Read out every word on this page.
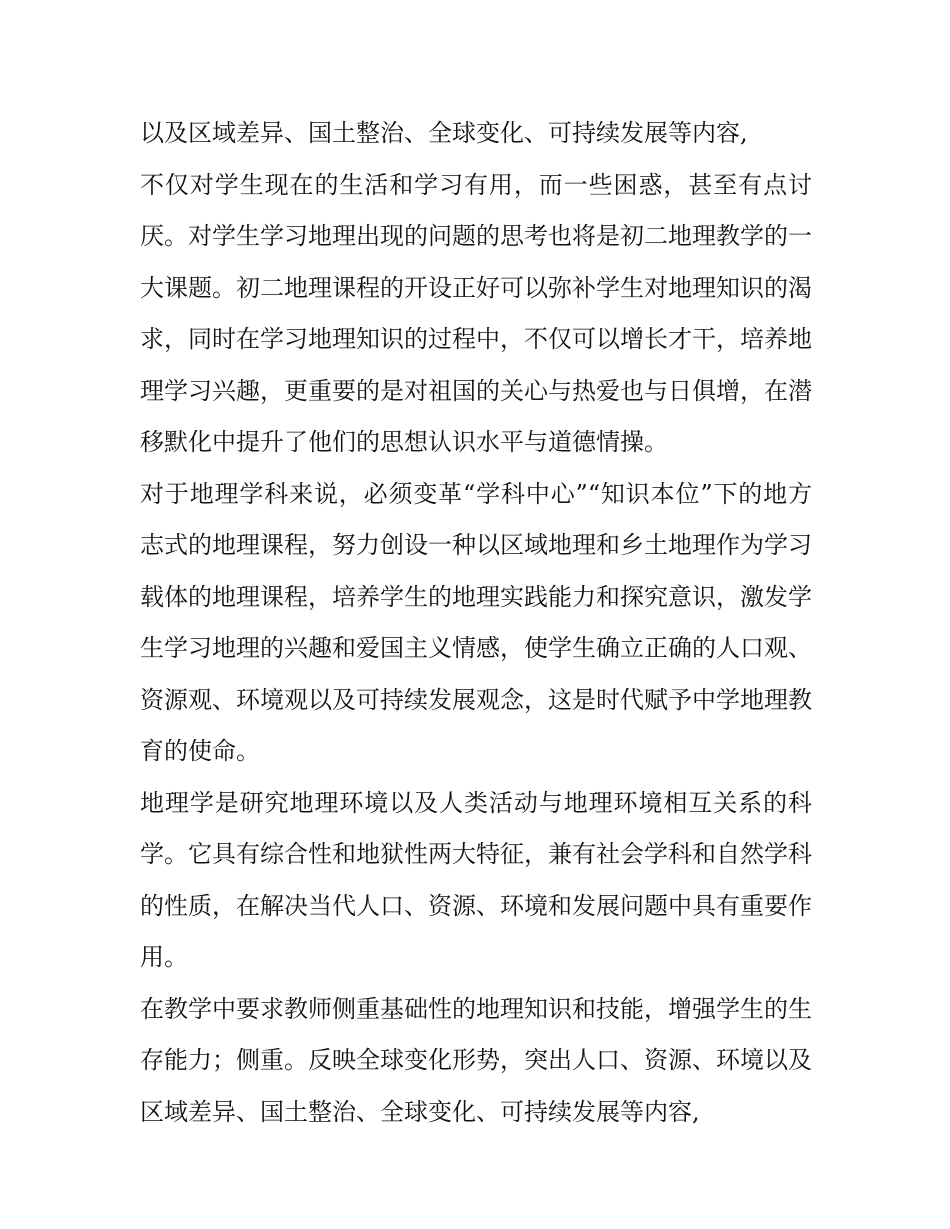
以及区域差异、国土整治、全球变化、可持续发展等内容,

不仅对学生现在的生活和学习有用，而一些困惑，甚至有点讨厌。对学生学习地理出现的问题的思考也将是初二地理教学的一大课题。初二地理课程的开设正好可以弥补学生对地理知识的渴求，同时在学习地理知识的过程中，不仅可以增长才干，培养地理学习兴趣，更重要的是对祖国的关心与热爱也与日俱增，在潜移默化中提升了他们的思想认识水平与道德情操。

对于地理学科来说，必须变革“学科中心”“知识本位”下的地方志式的地理课程，努力创设一种以区域地理和乡土地理作为学习载体的地理课程，培养学生的地理实践能力和探究意识，激发学生学习地理的兴趣和爱国主义情感，使学生确立正确的人口观、资源观、环境观以及可持续发展观念，这是时代赋予中学地理教育的使命。

地理学是研究地理环境以及人类活动与地理环境相互关系的科学。它具有综合性和地狱性两大特征，兼有社会学科和自然学科的性质，在解决当代人口、资源、环境和发展问题中具有重要作用。

在教学中要求教师侧重基础性的地理知识和技能，增强学生的生存能力；侧重。反映全球变化形势，突出人口、资源、环境以及区域差异、国土整治、全球变化、可持续发展等内容,
